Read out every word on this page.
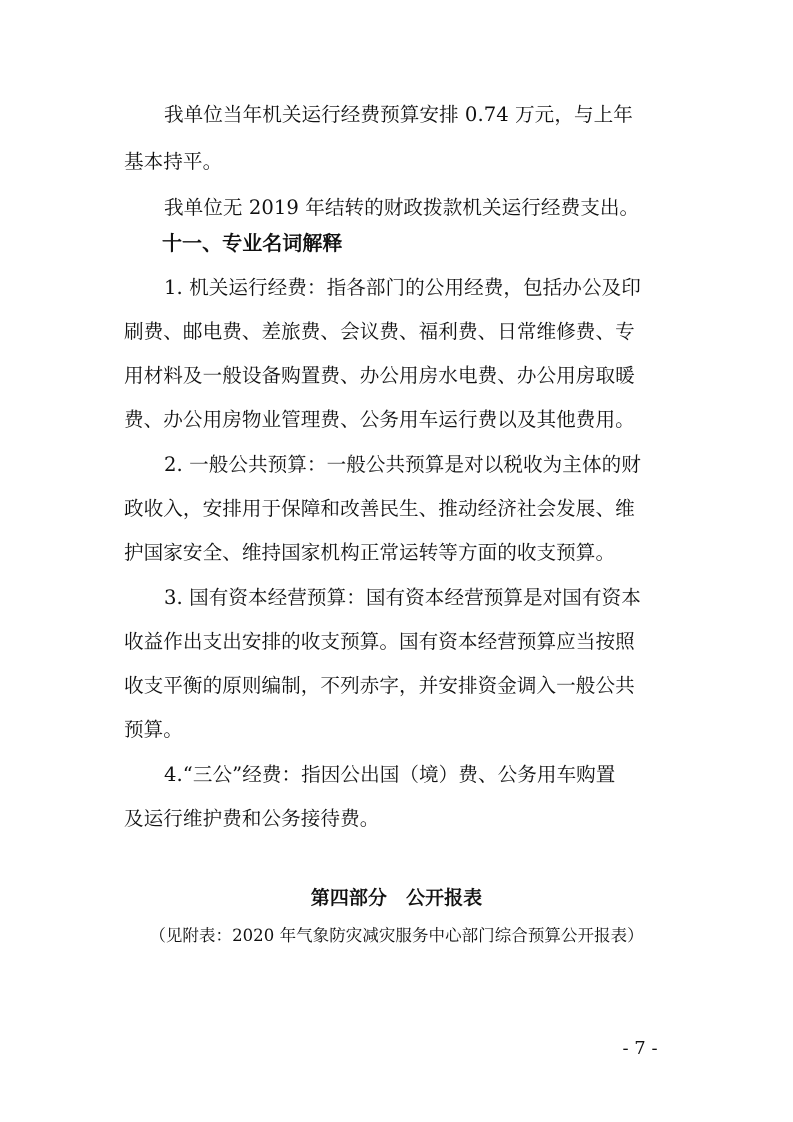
我单位当年机关运行经费预算安排 0.74 万元，与上年
基本持平。
我单位无 2019 年结转的财政拨款机关运行经费支出。
十一、专业名词解释
1. 机关运行经费：指各部门的公用经费，包括办公及印
刷费、邮电费、差旅费、会议费、福利费、日常维修费、专
用材料及一般设备购置费、办公用房水电费、办公用房取暖
费、办公用房物业管理费、公务用车运行费以及其他费用。
2. 一般公共预算：一般公共预算是对以税收为主体的财
政收入，安排用于保障和改善民生、推动经济社会发展、维
护国家安全、维持国家机构正常运转等方面的收支预算。
3. 国有资本经营预算：国有资本经营预算是对国有资本
收益作出支出安排的收支预算。国有资本经营预算应当按照
收支平衡的原则编制，不列赤字，并安排资金调入一般公共
预算。
4.“三公”经费：指因公出国（境）费、公务用车购置
及运行维护费和公务接待费。
第四部分　公开报表
（见附表：2020 年气象防灾减灾服务中心部门综合预算公开报表）
- 7 -
